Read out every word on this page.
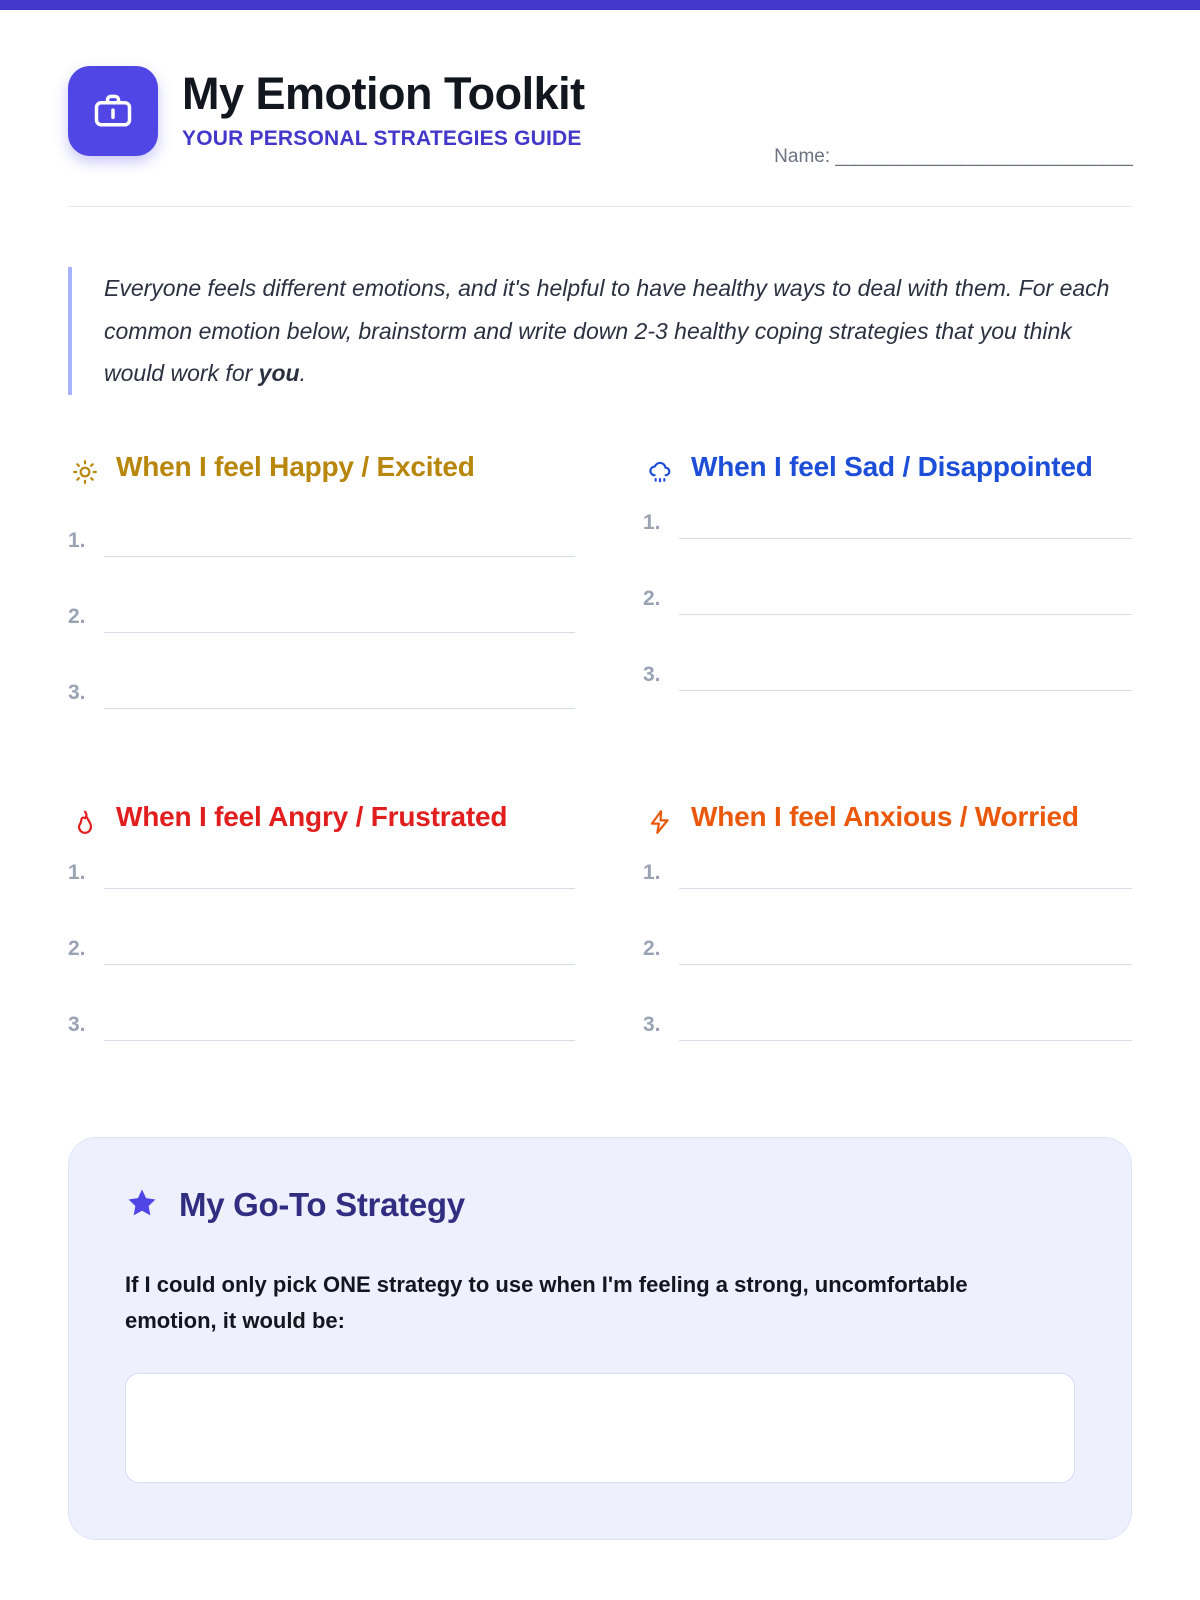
My Emotion Toolkit
YOUR PERSONAL STRATEGIES GUIDE
Name: _______________________________

Everyone feels different emotions, and it's helpful to have healthy ways to deal with them. For each common emotion below, brainstorm and write down 2-3 healthy coping strategies that you think would work for you.

When I feel Happy / Excited
1.
2.
3.
When I feel Sad / Disappointed
1.
2.
3.
When I feel Angry / Frustrated
1.
2.
3.
When I feel Anxious / Worried
1.
2.
3.
My Go-To Strategy
If I could only pick ONE strategy to use when I'm feeling a strong, uncomfortable emotion, it would be:
